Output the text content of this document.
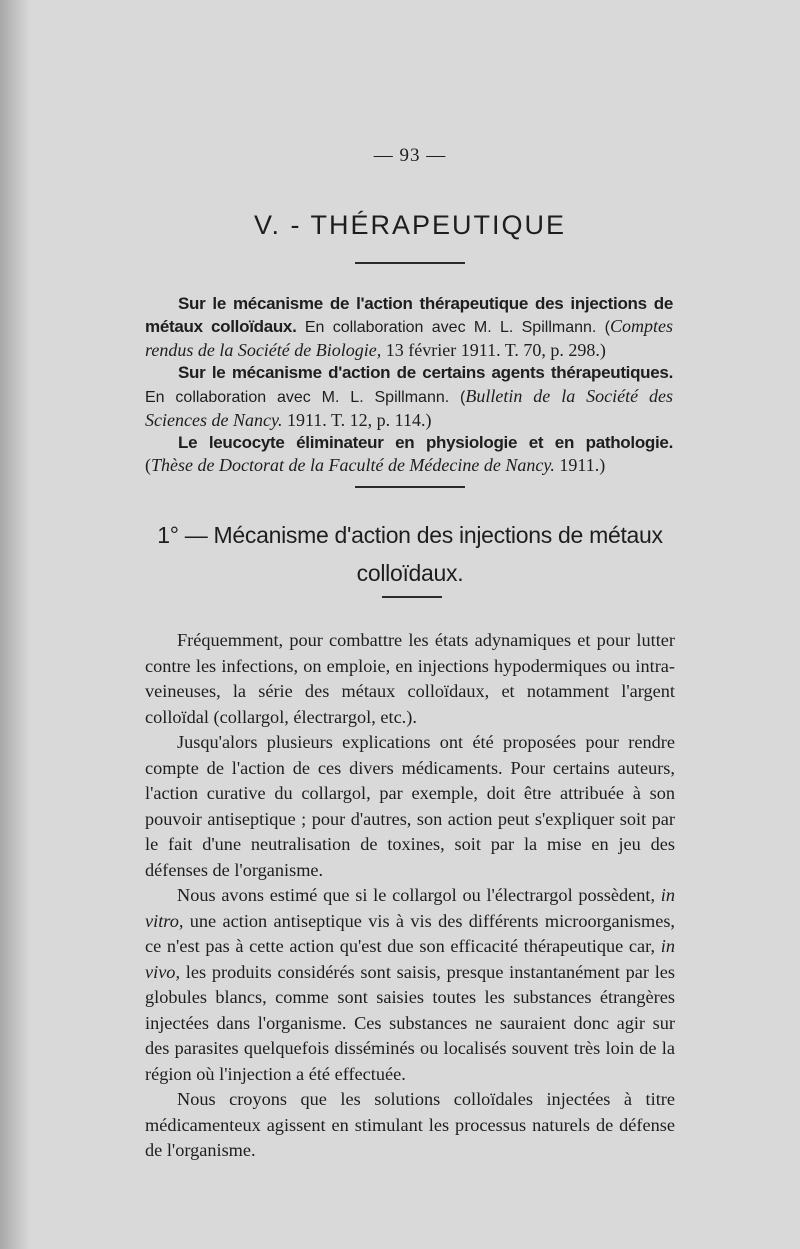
— 93 —
V. - THÉRAPEUTIQUE

Sur le mécanisme de l'action thérapeutique des injections de métaux colloïdaux. En collaboration avec M. L. Spillmann. (Comptes rendus de la Société de Biologie, 13 février 1911. T. 70, p. 298.)

Sur le mécanisme d'action de certains agents thérapeutiques. En collaboration avec M. L. Spillmann. (Bulletin de la Société des Sciences de Nancy. 1911. T. 12, p. 114.)

Le leucocyte éliminateur en physiologie et en pathologie. (Thèse de Doctorat de la Faculté de Médecine de Nancy. 1911.)

1° — Mécanisme d'action des injections de métaux
colloïdaux.

Fréquemment, pour combattre les états adynamiques et pour lutter contre les infections, on emploie, en injections hypodermiques ou intra-veineuses, la série des métaux colloïdaux, et notamment l'argent colloïdal (collargol, électrargol, etc.).

Jusqu'alors plusieurs explications ont été proposées pour rendre compte de l'action de ces divers médicaments. Pour certains auteurs, l'action curative du collargol, par exemple, doit être attribuée à son pouvoir antiseptique ; pour d'autres, son action peut s'expliquer soit par le fait d'une neutralisation de toxines, soit par la mise en jeu des défenses de l'organisme.

Nous avons estimé que si le collargol ou l'électrargol possèdent, in vitro, une action antiseptique vis à vis des différents microorganismes, ce n'est pas à cette action qu'est due son efficacité thérapeutique car, in vivo, les produits considérés sont saisis, presque instantanément par les globules blancs, comme sont saisies toutes les substances étrangères injectées dans l'organisme. Ces substances ne sauraient donc agir sur des parasites quelquefois disséminés ou localisés souvent très loin de la région où l'injection a été effectuée.

Nous croyons que les solutions colloïdales injectées à titre médicamenteux agissent en stimulant les processus naturels de défense de l'organisme.
